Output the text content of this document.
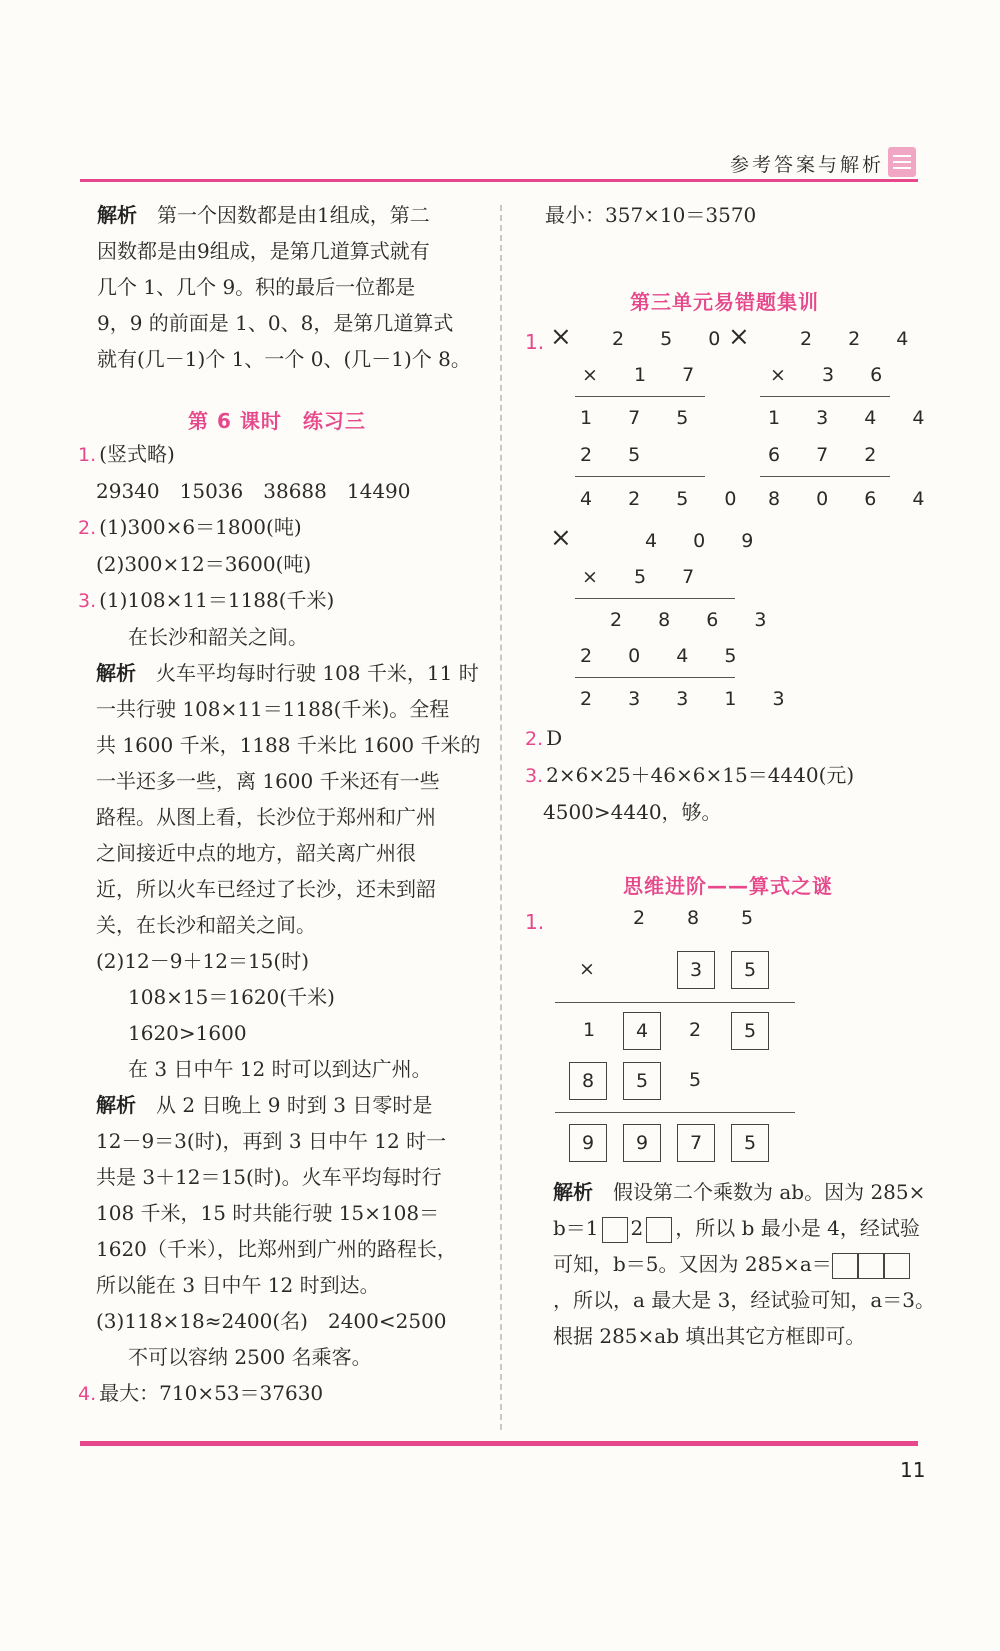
参考答案与解析
解析　 第一个因数都是由1组成，第二
因数都是由9组成，是第几道算式就有
几个 1、几个 9。积的最后一位都是
9，9 的前面是 1、0、8，是第几道算式
就有(几－1)个 1、一个 0、(几－1)个 8。
第 6 课时　练习三
1. (竖式略)
29340　15036　38688　14490
2. (1)300×6＝1800(吨)
(2)300×12＝3600(吨)
3. (1)108×11＝1188(千米)
在长沙和韶关之间。
解析　 火车平均每时行驶 108 千米，11 时
一共行驶 108×11＝1188(千米)。全程
共 1600 千米，1188 千米比 1600 千米的
一半还多一些，离 1600 千米还有一些
路程。从图上看，长沙位于郑州和广州
之间接近中点的地方，韶关离广州很
近，所以火车已经过了长沙，还未到韶
关，在长沙和韶关之间。
(2)12－9＋12＝15(时)
108×15＝1620(千米)
1620>1600
在 3 日中午 12 时可以到达广州。
解析　 从 2 日晚上 9 时到 3 日零时是
12－9＝3(时)，再到 3 日中午 12 时一
共是 3＋12＝15(时)。火车平均每时行
108 千米，15 时共能行驶 15×108＝
1620（千米），比郑州到广州的路程长，
所以能在 3 日中午 12 时到达。
(3)118×18≈2400(名)　2400<2500
不可以容纳 2500 名乘客。
4. 最大：710×53＝37630
最小：357×10＝3570
第三单元易错题集训
1. × 2 5 0
× 1 7
1 7 5
2 5
4 2 5 0
×	2 2 4
× 3 6
1 3 4 4
6 7 2
8 0 6 4
×	4 0 9
× 5 7
2 8 6 3
2 0 4 5
2 3 3 1 3
2. D
3. 2×6×25＋46×6×15＝4440(元)
4500>4440，够。
思维进阶——算式之谜
1.	2	8	5
×	3	5
1	4	2	5
8	5	5
9	9	7	5
解析　 假设第二个乘数为 ab。因为 285×
b＝1 2 ，所以 b 最小是 4，经试验
可知，b＝5。又因为 285×a＝
，所以，a 最大是 3，经试验可知，a＝3。
根据 285×ab 填出其它方框即可。
11
